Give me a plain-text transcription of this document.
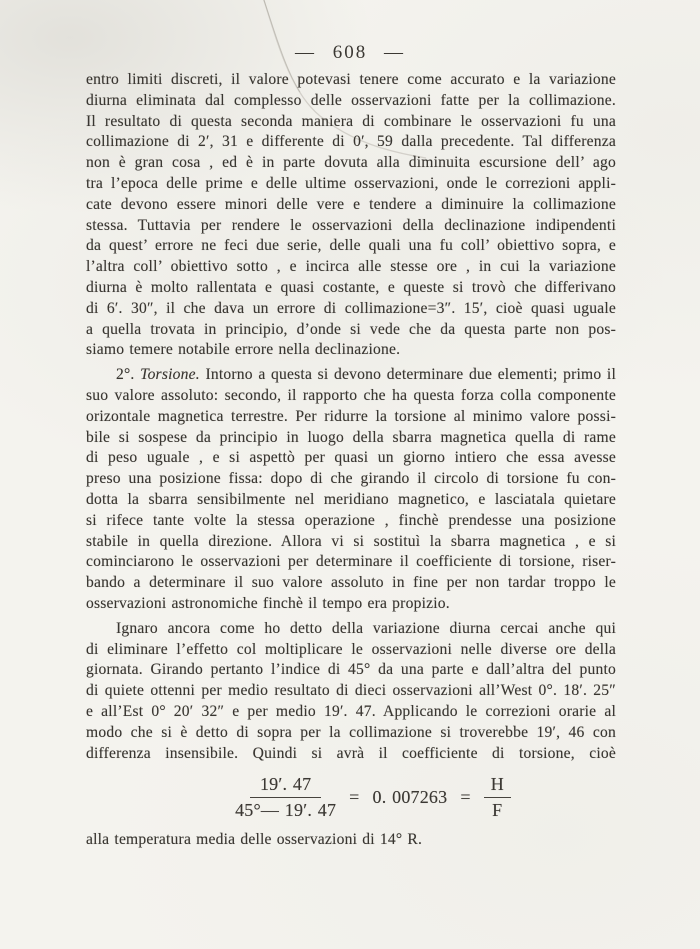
— 608 —
entro limiti discreti, il valore potevasi tenere come accurato e la variazione
diurna eliminata dal complesso delle osservazioni fatte per la collimazione.
Il resultato di questa seconda maniera di combinare le osservazioni fu una
collimazione di 2′, 31 e differente di 0′, 59 dalla precedente. Tal differenza
non è gran cosa , ed è in parte dovuta alla diminuita escursione dell’ ago
tra l’epoca delle prime e delle ultime osservazioni, onde le correzioni appli-
cate devono essere minori delle vere e tendere a diminuire la collimazione
stessa. Tuttavia per rendere le osservazioni della declinazione indipendenti
da quest’ errore ne feci due serie, delle quali una fu coll’ obiettivo sopra, e
l’altra coll’ obiettivo sotto , e incirca alle stesse ore , in cui la variazione
diurna è molto rallentata e quasi costante, e queste si trovò che differivano
di 6′. 30″, il che dava un errore di collimazione=3″. 15′, cioè quasi uguale
a quella trovata in principio, d’onde si vede che da questa parte non pos-
siamo temere notabile errore nella declinazione.
2°. Torsione. Intorno a questa si devono determinare due elementi; primo il
suo valore assoluto: secondo, il rapporto che ha questa forza colla componente
orizontale magnetica terrestre. Per ridurre la torsione al minimo valore possi-
bile si sospese da principio in luogo della sbarra magnetica quella di rame
di peso uguale , e si aspettò per quasi un giorno intiero che essa avesse
preso una posizione fissa: dopo di che girando il circolo di torsione fu con-
dotta la sbarra sensibilmente nel meridiano magnetico, e lasciatala quietare
si rifece tante volte la stessa operazione , finchè prendesse una posizione
stabile in quella direzione. Allora vi si sostituì la sbarra magnetica , e si
cominciarono le osservazioni per determinare il coefficiente di torsione, riser-
bando a determinare il suo valore assoluto in fine per non tardar troppo le
osservazioni astronomiche finchè il tempo era propizio.
Ignaro ancora come ho detto della variazione diurna cercai anche qui
di eliminare l’effetto col moltiplicare le osservazioni nelle diverse ore della
giornata. Girando pertanto l’indice di 45° da una parte e dall’altra del punto
di quiete ottenni per medio resultato di dieci osservazioni all’West 0°. 18′. 25″
e all’Est 0° 20′ 32″ e per medio 19′. 47. Applicando le correzioni orarie al
modo che si è detto di sopra per la collimazione si troverebbe 19′, 46 con
differenza insensibile. Quindi si avrà il coefficiente di torsione, cioè
$\frac{19'. 47}{45^\circ— 19'. 47} = 0$. $007263 = \frac{H}{F}$
alla temperatura media delle osservazioni di 14° R.
